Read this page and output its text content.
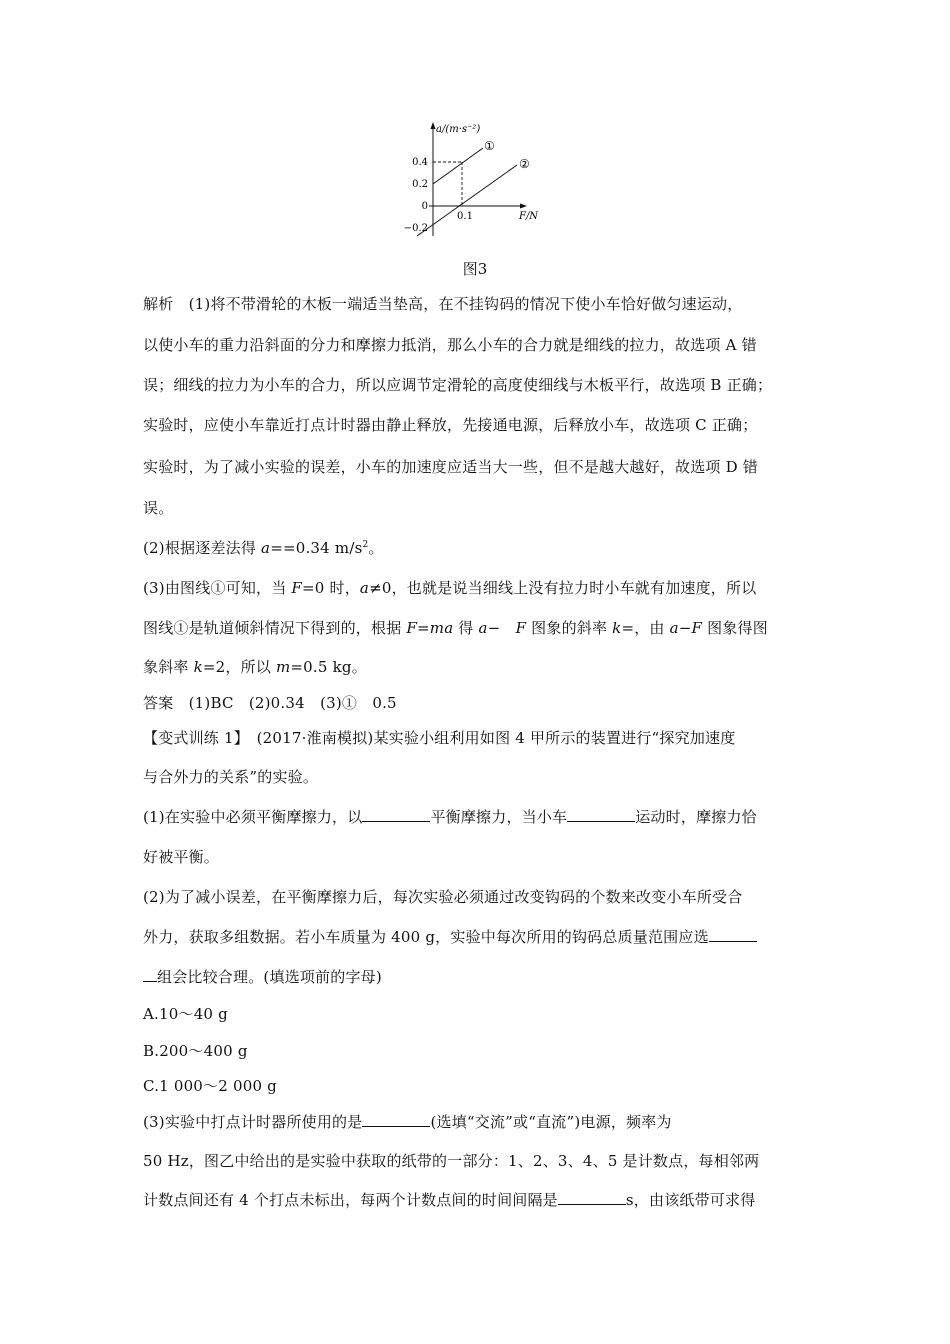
0.4
0.2
0
−0.2
0.1
a/(m·s⁻²)
F/N
①
②
图3
解析　 (1)将不带滑轮的木板一端适当垫高，在不挂钩码的情况下使小车恰好做匀速运动，
以使小车的重力沿斜面的分力和摩擦力抵消，那么小车的合力就是细线的拉力，故选项 A 错
误；细线的拉力为小车的合力，所以应调节定滑轮的高度使细线与木板平行，故选项 B 正确；
实验时，应使小车靠近打点计时器由静止释放，先接通电源，后释放小车，故选项 C 正确；
实验时，为了减小实验的误差，小车的加速度应适当大一些，但不是越大越好，故选项 D 错
误。
(2)根据逐差法得 a==0.34 $m/s^2$。
(3)由图线①可知，当 F=0 时，a≠0，也就是说当细线上没有拉力时小车就有加速度，所以
图线①是轨道倾斜情况下得到的，根据 F=ma 得 a−　F 图象的斜率 k=，由 a−F 图象得图
象斜率 k=2，所以 m=0.5 kg。
答案　(1)BC　(2)0.34　(3)①　0.5
【变式训练 1】　(2017·淮南模拟)某实验小组利用如图 4 甲所示的装置进行“探究加速度
与合外力的关系”的实验。
(1)在实验中必须平衡摩擦力，以	平衡摩擦力，当小车	运动时，摩擦力恰
好被平衡。
(2)为了减小误差，在平衡摩擦力后，每次实验必须通过改变钩码的个数来改变小车所受合
外力，获取多组数据。若小车质量为 400 g，实验中每次所用的钩码总质量范围应选
组会比较合理。(填选项前的字母)
A.10～40 g
B.200～400 g
C.1 000～2 000 g
(3)实验中打点计时器所使用的是	(选填“交流”或“直流”)电源，频率为
50 Hz，图乙中给出的是实验中获取的纸带的一部分：1、2、3、4、5 是计数点，每相邻两
计数点间还有 4 个打点未标出，每两个计数点间的时间间隔是	s，由该纸带可求得
